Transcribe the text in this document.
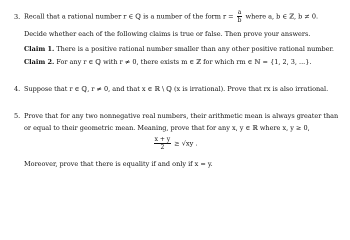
3. Recall that a rational number r ∈ ℚ is a number of the form $r = \frac{a}{b}$ where a, b ∈ ℤ, b ≠ 0.
Decide whether each of the following claims is true or false. Then prove your answers.
Claim 1. There is a positive rational number smaller than any other positive rational number.
Claim 2. For any r ∈ ℚ with r ≠ 0, there exists m ∈ ℤ for which rm ∈ ℕ = {1, 2, 3, ...}.
4. Suppose that r ∈ ℚ, r ≠ 0, and that x ∈ ℝ \ ℚ (x is irrational). Prove that rx is also irrational.
5. Prove that for any two nonnegative real numbers, their arithmetic mean is always greater than
or equal to their geometric mean. Meaning, prove that for any x, y ∈ ℝ where x, y ≥ 0,
$\frac{x + y}{2} \ge √xy$ .
Moreover, prove that there is equality if and only if x = y.
